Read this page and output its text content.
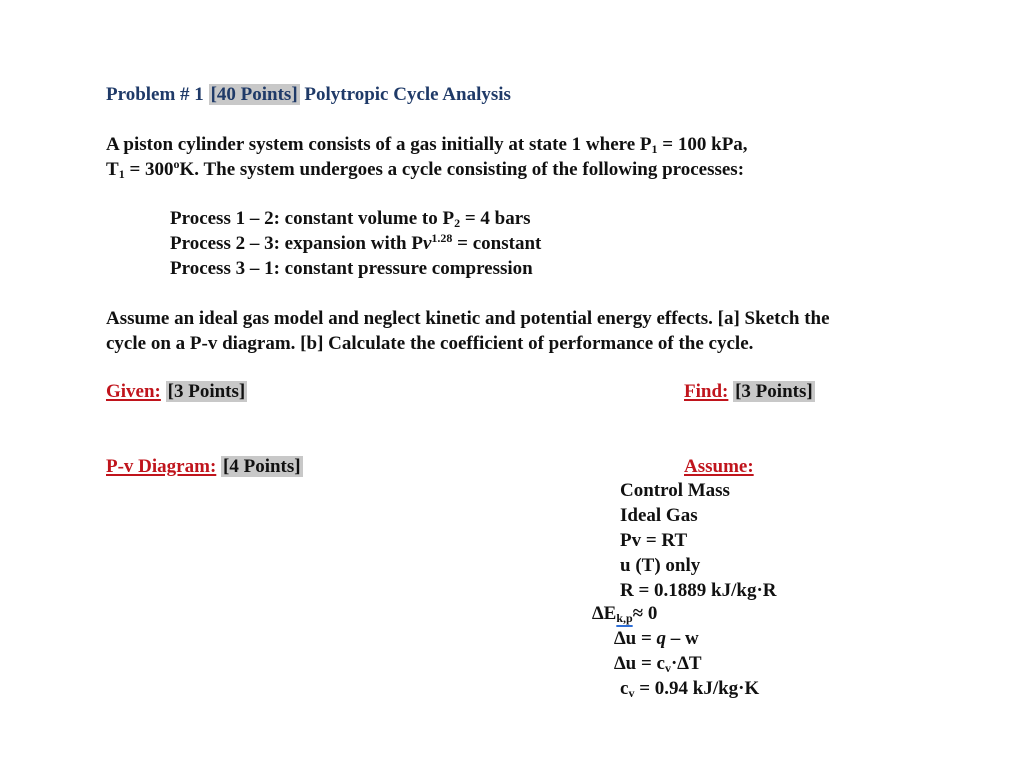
Problem # 1 [40 Points] Polytropic Cycle Analysis
A piston cylinder system consists of a gas initially at state 1 where $P_1 = 100$ kPa,
$T_1 = 300^oK$. The system undergoes a cycle consisting of the following processes:
Process 1 – 2: constant volume to $P_2 = 4$ bars
Process 2 – 3: expansion with $Pv^{1.28}$ = constant
Process 3 – 1: constant pressure compression
Assume an ideal gas model and neglect kinetic and potential energy effects. [a] Sketch the
cycle on a P-v diagram. [b] Calculate the coefficient of performance of the cycle.
Given: [3 Points]	Find: [3 Points]
P-v Diagram: [4 Points]	Assume:
Control Mass
Ideal Gas
Pv = RT
u (T) only
R = 0.1889 kJ/kg·R
$\Delta E_{k,p}\approx 0$
∆u = q – w
$\Delta u = c_v\cdot\Delta T$
$c_v = 0.94$ kJ/kg·K
